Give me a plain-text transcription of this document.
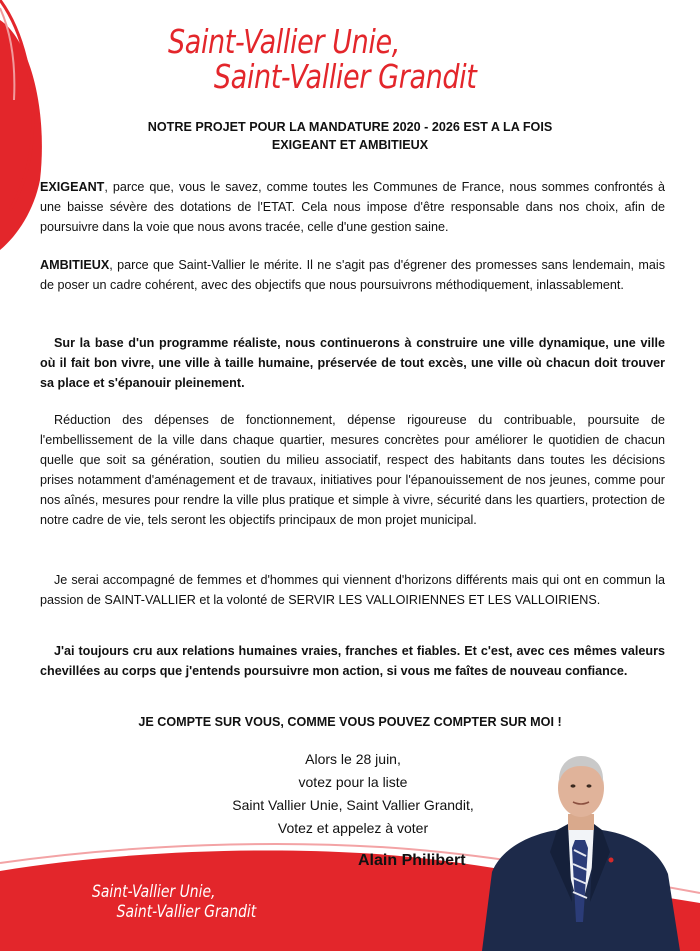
Saint-Vallier Unie,
Saint-Vallier Grandit
NOTRE PROJET POUR LA MANDATURE 2020 - 2026 EST A LA FOIS
EXIGEANT ET AMBITIEUX
EXIGEANT, parce que, vous le savez, comme toutes les Communes de France, nous sommes confrontés à une baisse sévère des dotations de l'ETAT. Cela nous impose d'être responsable dans nos choix, afin de poursuivre dans la voie que nous avons tracée, celle d'une gestion saine.
AMBITIEUX, parce que Saint-Vallier le mérite. Il ne s'agit pas d'égrener des promesses sans lendemain, mais de poser un cadre cohérent, avec des objectifs que nous poursuivrons méthodiquement, inlassablement.
Sur la base d'un programme réaliste, nous continuerons à construire une ville dynamique, une ville où il fait bon vivre, une ville à taille humaine, préservée de tout excès, une ville où chacun doit trouver sa place et s'épanouir pleinement.
Réduction des dépenses de fonctionnement, dépense rigoureuse du contribuable, poursuite de l'embellissement de la ville dans chaque quartier, mesures concrètes pour améliorer le quotidien de chacun quelle que soit sa génération, soutien du milieu associatif, respect des habitants dans toutes les décisions prises notamment d'aménagement et de travaux, initiatives pour l'épanouissement de nos jeunes, comme pour nos aînés, mesures pour rendre la ville plus pratique et simple à vivre, sécurité dans les quartiers, protection de notre cadre de vie, tels seront les objectifs principaux de mon projet municipal.
Je serai accompagné de femmes et d'hommes qui viennent d'horizons différents mais qui ont en commun la passion de SAINT-VALLIER et la volonté de SERVIR LES VALLOIRIENNES ET LES VALLOIRIENS.
J'ai toujours cru aux relations humaines vraies, franches et fiables. Et c'est, avec ces mêmes valeurs chevillées au corps que j'entends poursuivre mon action, si vous me faîtes de nouveau confiance.
JE COMPTE SUR VOUS, COMME VOUS POUVEZ COMPTER SUR MOI !
Alors le 28 juin,
votez pour la liste
Saint Vallier Unie, Saint Vallier Grandit,
Votez et appelez à voter
Alain Philibert
Saint-Vallier Unie,
Saint-Vallier Grandit
